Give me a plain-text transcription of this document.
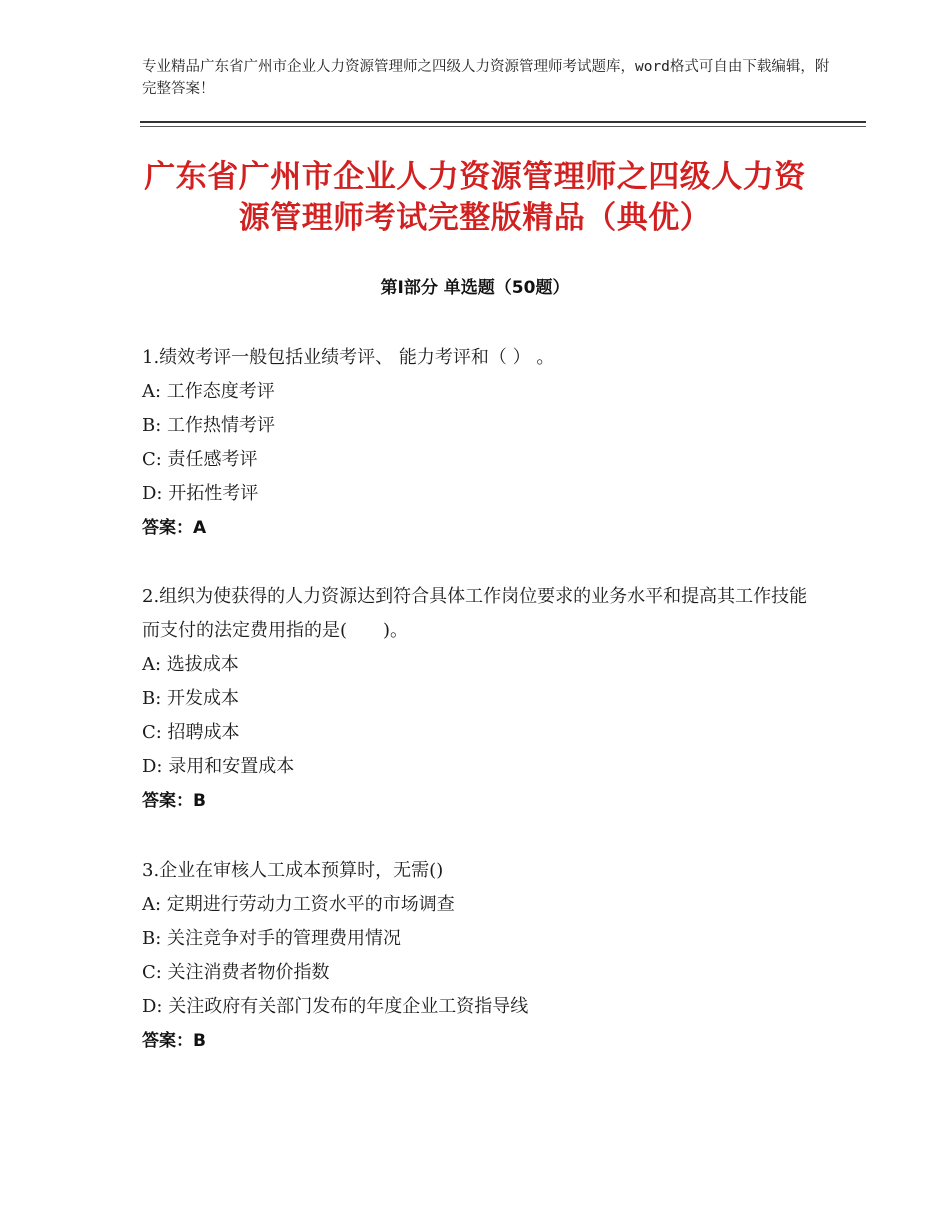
专业精品广东省广州市企业人力资源管理师之四级人力资源管理师考试题库，word格式可自由下载编辑，附完整答案！
广东省广州市企业人力资源管理师之四级人力资源管理师考试完整版精品（典优）
第Ⅰ部分 单选题（50题）

1.绩效考评一般包括业绩考评、 能力考评和（ ） 。

A: 工作态度考评

B: 工作热情考评

C: 责任感考评

D: 开拓性考评

答案：A

2.组织为使获得的人力资源达到符合具体工作岗位要求的业务水平和提高其工作技能而支付的法定费用指的是(　　)。

A: 选拔成本

B: 开发成本

C: 招聘成本

D: 录用和安置成本

答案：B

3.企业在审核人工成本预算时，无需()

A: 定期进行劳动力工资水平的市场调查

B: 关注竞争对手的管理费用情况

C: 关注消费者物价指数

D: 关注政府有关部门发布的年度企业工资指导线

答案：B
